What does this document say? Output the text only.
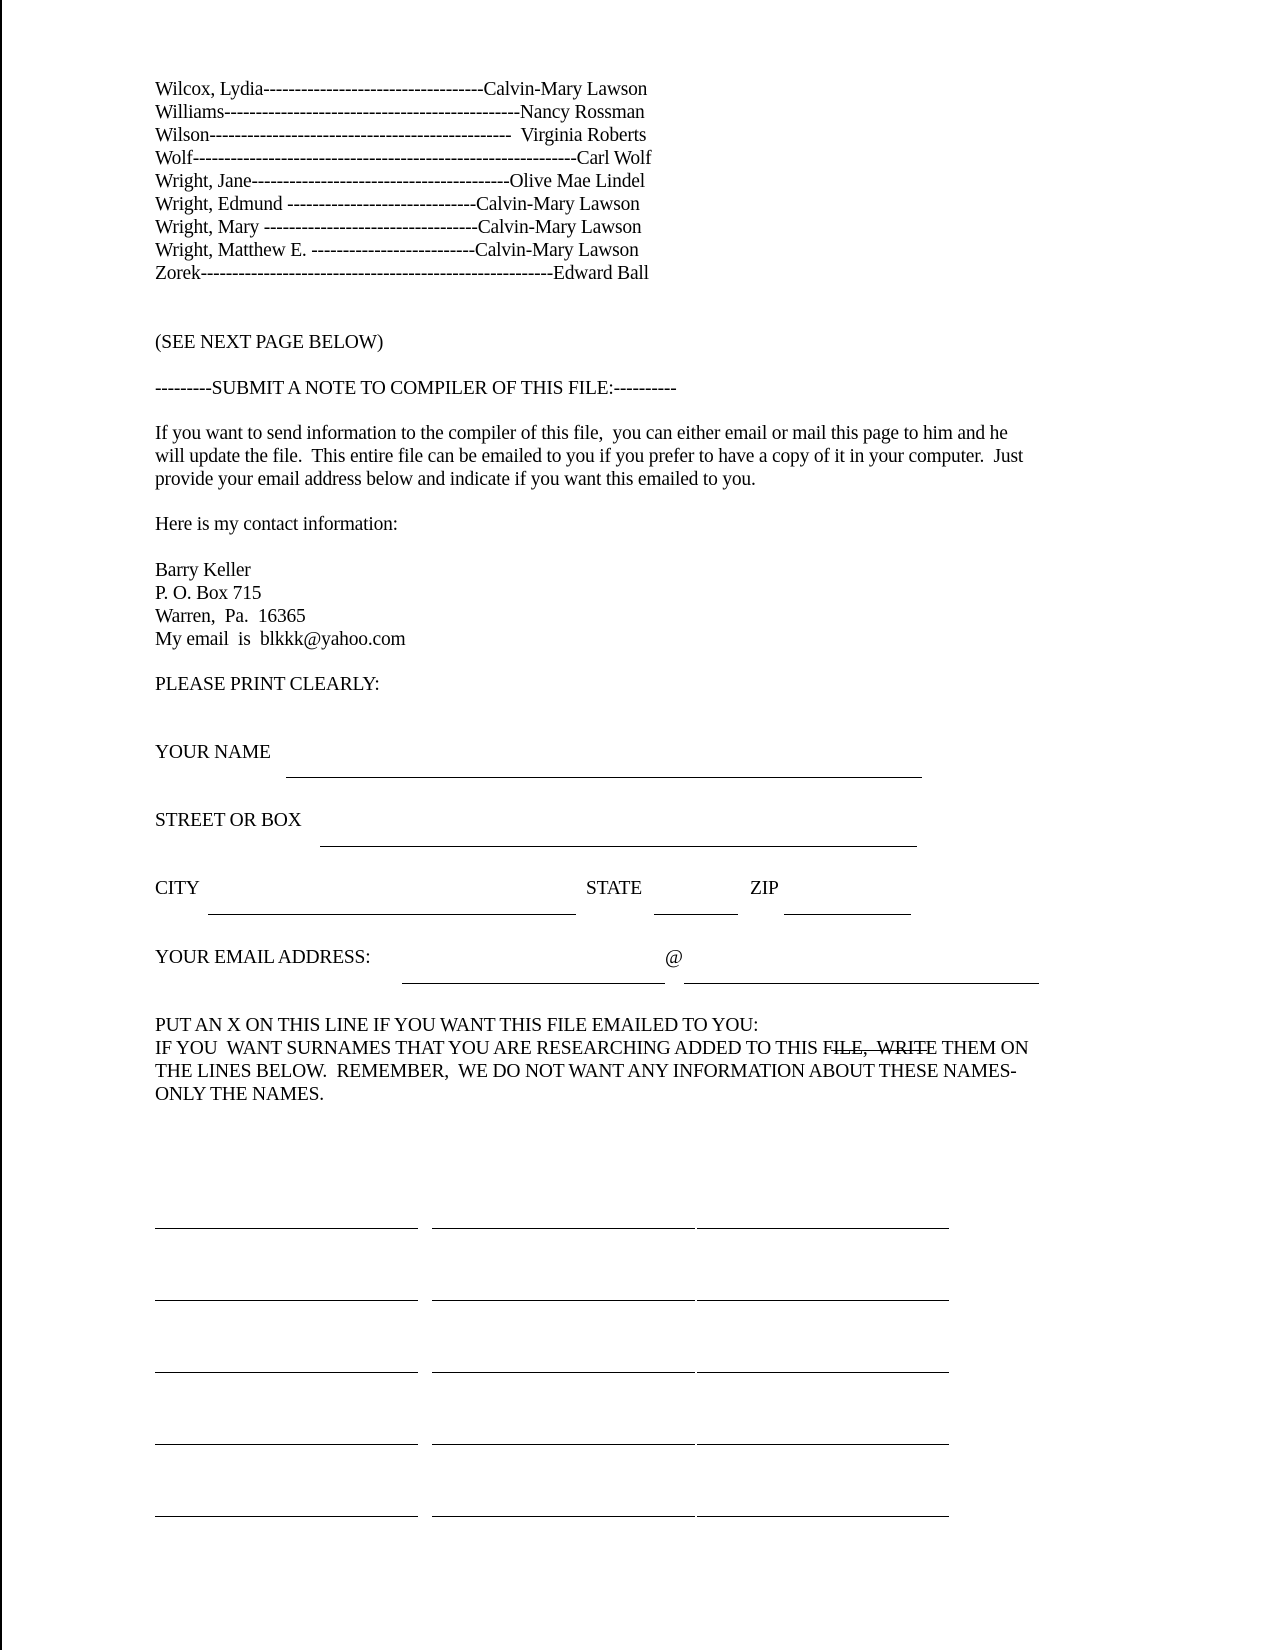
Wilcox, Lydia-----------------------------------Calvin-Mary Lawson
Williams-----------------------------------------------Nancy Rossman
Wilson------------------------------------------------  Virginia Roberts
Wolf-------------------------------------------------------------Carl Wolf
Wright, Jane-----------------------------------------Olive Mae Lindel
Wright, Edmund ------------------------------Calvin-Mary Lawson
Wright, Mary ----------------------------------Calvin-Mary Lawson
Wright, Matthew E. --------------------------Calvin-Mary Lawson
Zorek--------------------------------------------------------Edward Ball
(SEE NEXT PAGE BELOW)
---------SUBMIT A NOTE TO COMPILER OF THIS FILE:----------
If you want to send information to the compiler of this file,  you can either email or mail this page to him and he
will update the file.  This entire file can be emailed to you if you prefer to have a copy of it in your computer.  Just
provide your email address below and indicate if you want this emailed to you.
Here is my contact information:
Barry Keller
P. O. Box 715
Warren,  Pa.  16365
My email  is  blkkk@yahoo.com
PLEASE PRINT CLEARLY:
YOUR NAME
STREET OR BOX
CITY	STATE	ZIP
YOUR EMAIL ADDRESS:	@
PUT AN X ON THIS LINE IF YOU WANT THIS FILE EMAILED TO YOU:
IF YOU  WANT SURNAMES THAT YOU ARE RESEARCHING ADDED TO THIS FILE,  WRITE THEM ON
THE LINES BELOW.  REMEMBER,  WE DO NOT WANT ANY INFORMATION ABOUT THESE NAMES-
ONLY THE NAMES.
